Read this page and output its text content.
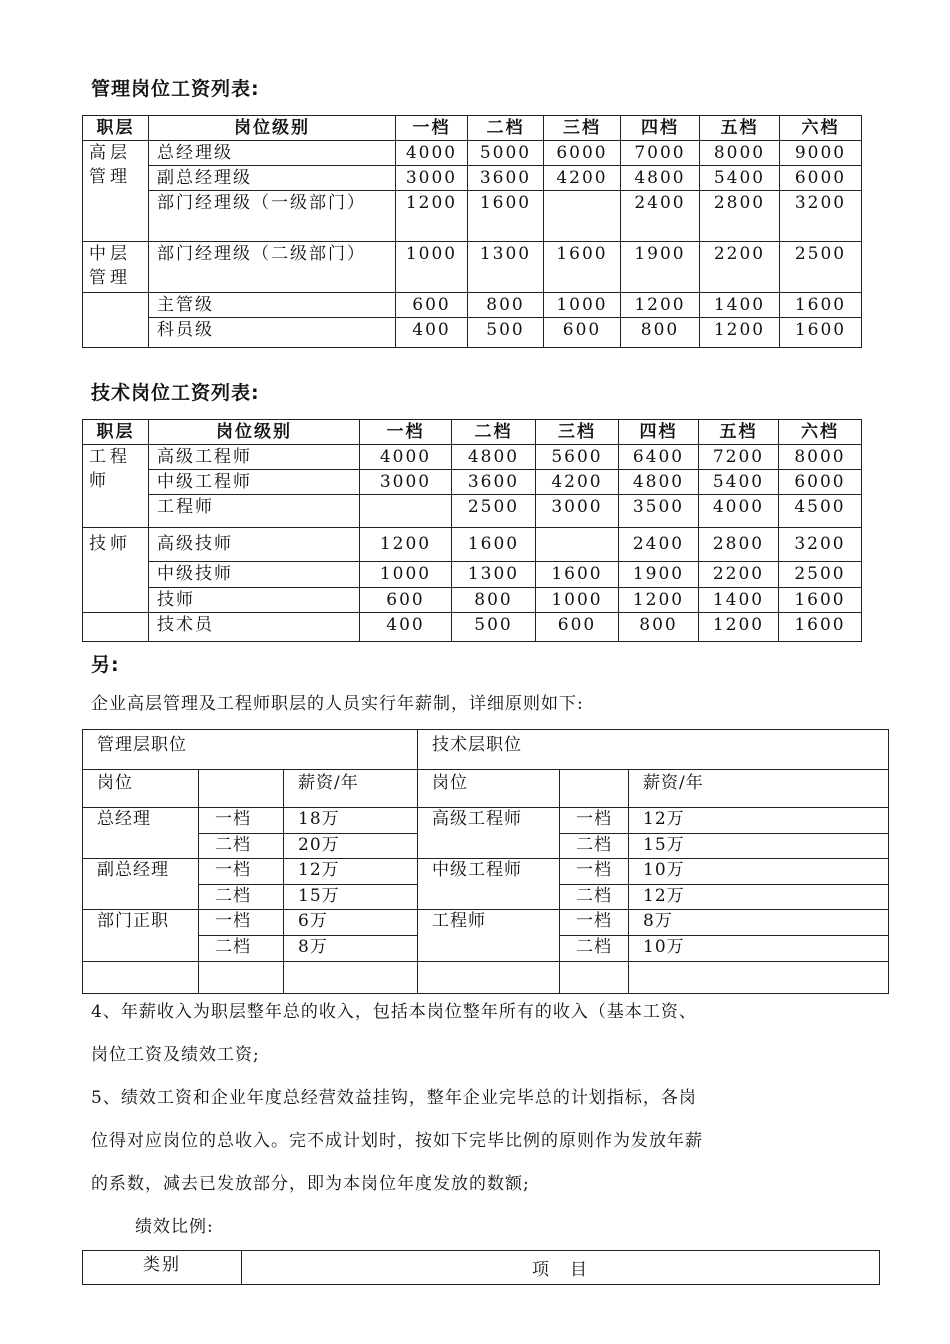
管理岗位工资列表:
职层	岗位级别	一档	二档	三档	四档	五档	六档
高层管理	总经理级	4000	5000	6000	7000	8000	9000
	副总经理级	3000	3600	4200	4800	5400	6000
	部门经理级（一级部门）	1200	1600		2400	2800	3200
中层管理	部门经理级（二级部门）	1000	1300	1600	1900	2200	2500
	主管级	600	800	1000	1200	1400	1600
	科员级	400	500	600	800	1200	1600
技术岗位工资列表:
职层	岗位级别	一档	二档	三档	四档	五档	六档
工程师	高级工程师	4000	4800	5600	6400	7200	8000
	中级工程师	3000	3600	4200	4800	5400	6000
	工程师		2500	3000	3500	4000	4500
技师	高级技师	1200	1600		2400	2800	3200
	中级技师	1000	1300	1600	1900	2200	2500
	技师	600	800	1000	1200	1400	1600
	技术员	400	500	600	800	1200	1600
另:
企业高层管理及工程师职层的人员实行年薪制，详细原则如下:
管理层职位			技术层职位		
岗位		薪资/年	岗位		薪资/年
总经理	一档	18万	高级工程师	一档	12万
	二档	20万		二档	15万
副总经理	一档	12万	中级工程师	一档	10万
	二档	15万		二档	12万
部门正职	一档	6万	工程师	一档	8万
	二档	8万		二档	10万

4、年薪收入为职层整年总的收入，包括本岗位整年所有的收入（基本工资、
岗位工资及绩效工资;
5、绩效工资和企业年度总经营效益挂钩，整年企业完毕总的计划指标，各岗
位得对应岗位的总收入。完不成计划时，按如下完毕比例的原则作为发放年薪
的系数，减去已发放部分，即为本岗位年度发放的数额;
绩效比例:
类别	项　目
